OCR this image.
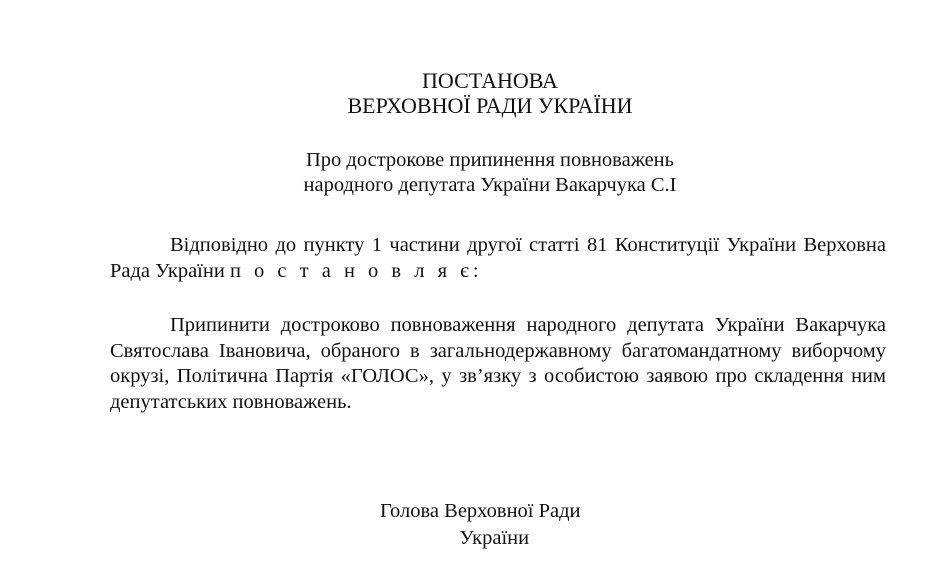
ПОСТАНОВА
ВЕРХОВНОЇ РАДИ УКРАЇНИ
Про дострокове припинення повноважень
народного депутата України Вакарчука С.І
Відповідно до пункту 1 частини другої статті 81 Конституції України Верховна Рада України п о с т а н о в л я є:
Припинити достроково повноваження народного депутата України Вакарчука Святослава Івановича, обраного в загальнодержавному багатомандатному виборчому окрузі, Політична Партія «ГОЛОС», у зв’язку з особистою заявою про складення ним депутатських повноважень.
Голова Верховної Ради
України
